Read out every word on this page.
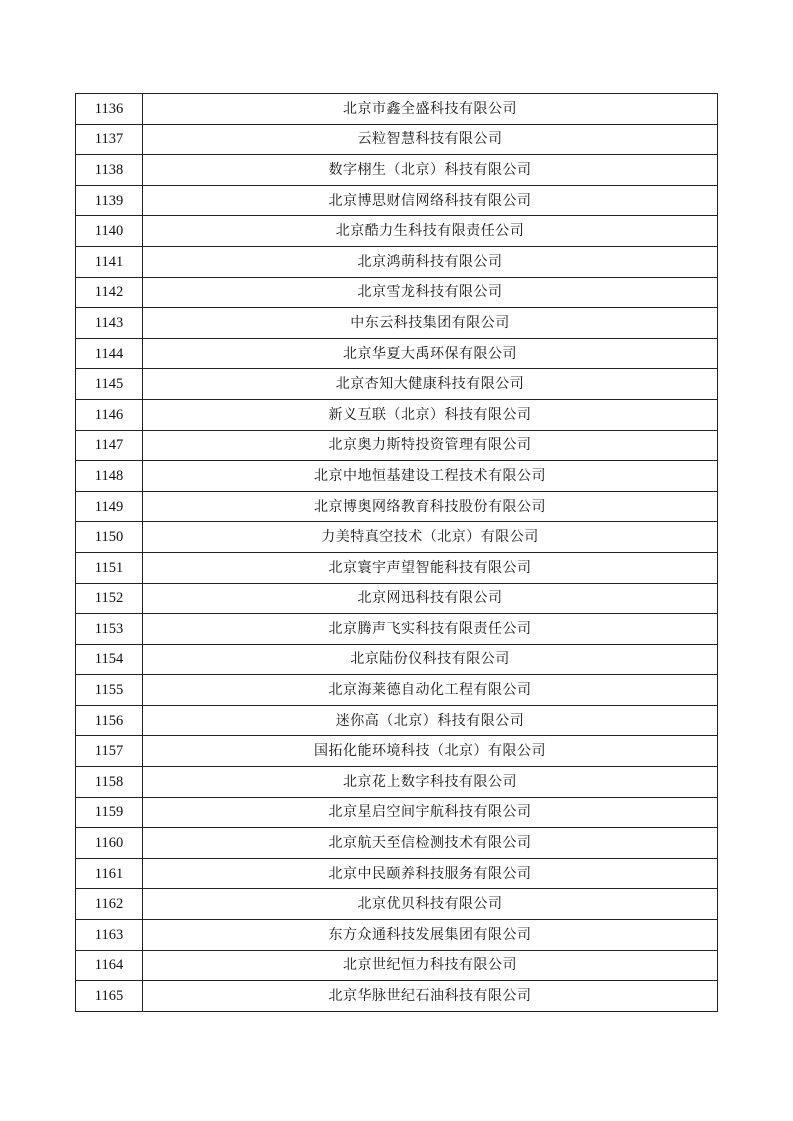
1136	北京市鑫全盛科技有限公司
1137	云粒智慧科技有限公司
1138	数字栩生（北京）科技有限公司
1139	北京博思财信网络科技有限公司
1140	北京酷力生科技有限责任公司
1141	北京鸿萌科技有限公司
1142	北京雪龙科技有限公司
1143	中东云科技集团有限公司
1144	北京华夏大禹环保有限公司
1145	北京杏知大健康科技有限公司
1146	新义互联（北京）科技有限公司
1147	北京奥力斯特投资管理有限公司
1148	北京中地恒基建设工程技术有限公司
1149	北京博奥网络教育科技股份有限公司
1150	力美特真空技术（北京）有限公司
1151	北京寰宇声望智能科技有限公司
1152	北京网迅科技有限公司
1153	北京腾声飞实科技有限责任公司
1154	北京陆份仪科技有限公司
1155	北京海莱德自动化工程有限公司
1156	迷你高（北京）科技有限公司
1157	国拓化能环境科技（北京）有限公司
1158	北京花上数字科技有限公司
1159	北京星启空间宇航科技有限公司
1160	北京航天至信检测技术有限公司
1161	北京中民颐养科技服务有限公司
1162	北京优贝科技有限公司
1163	东方众通科技发展集团有限公司
1164	北京世纪恒力科技有限公司
1165	北京华脉世纪石油科技有限公司
